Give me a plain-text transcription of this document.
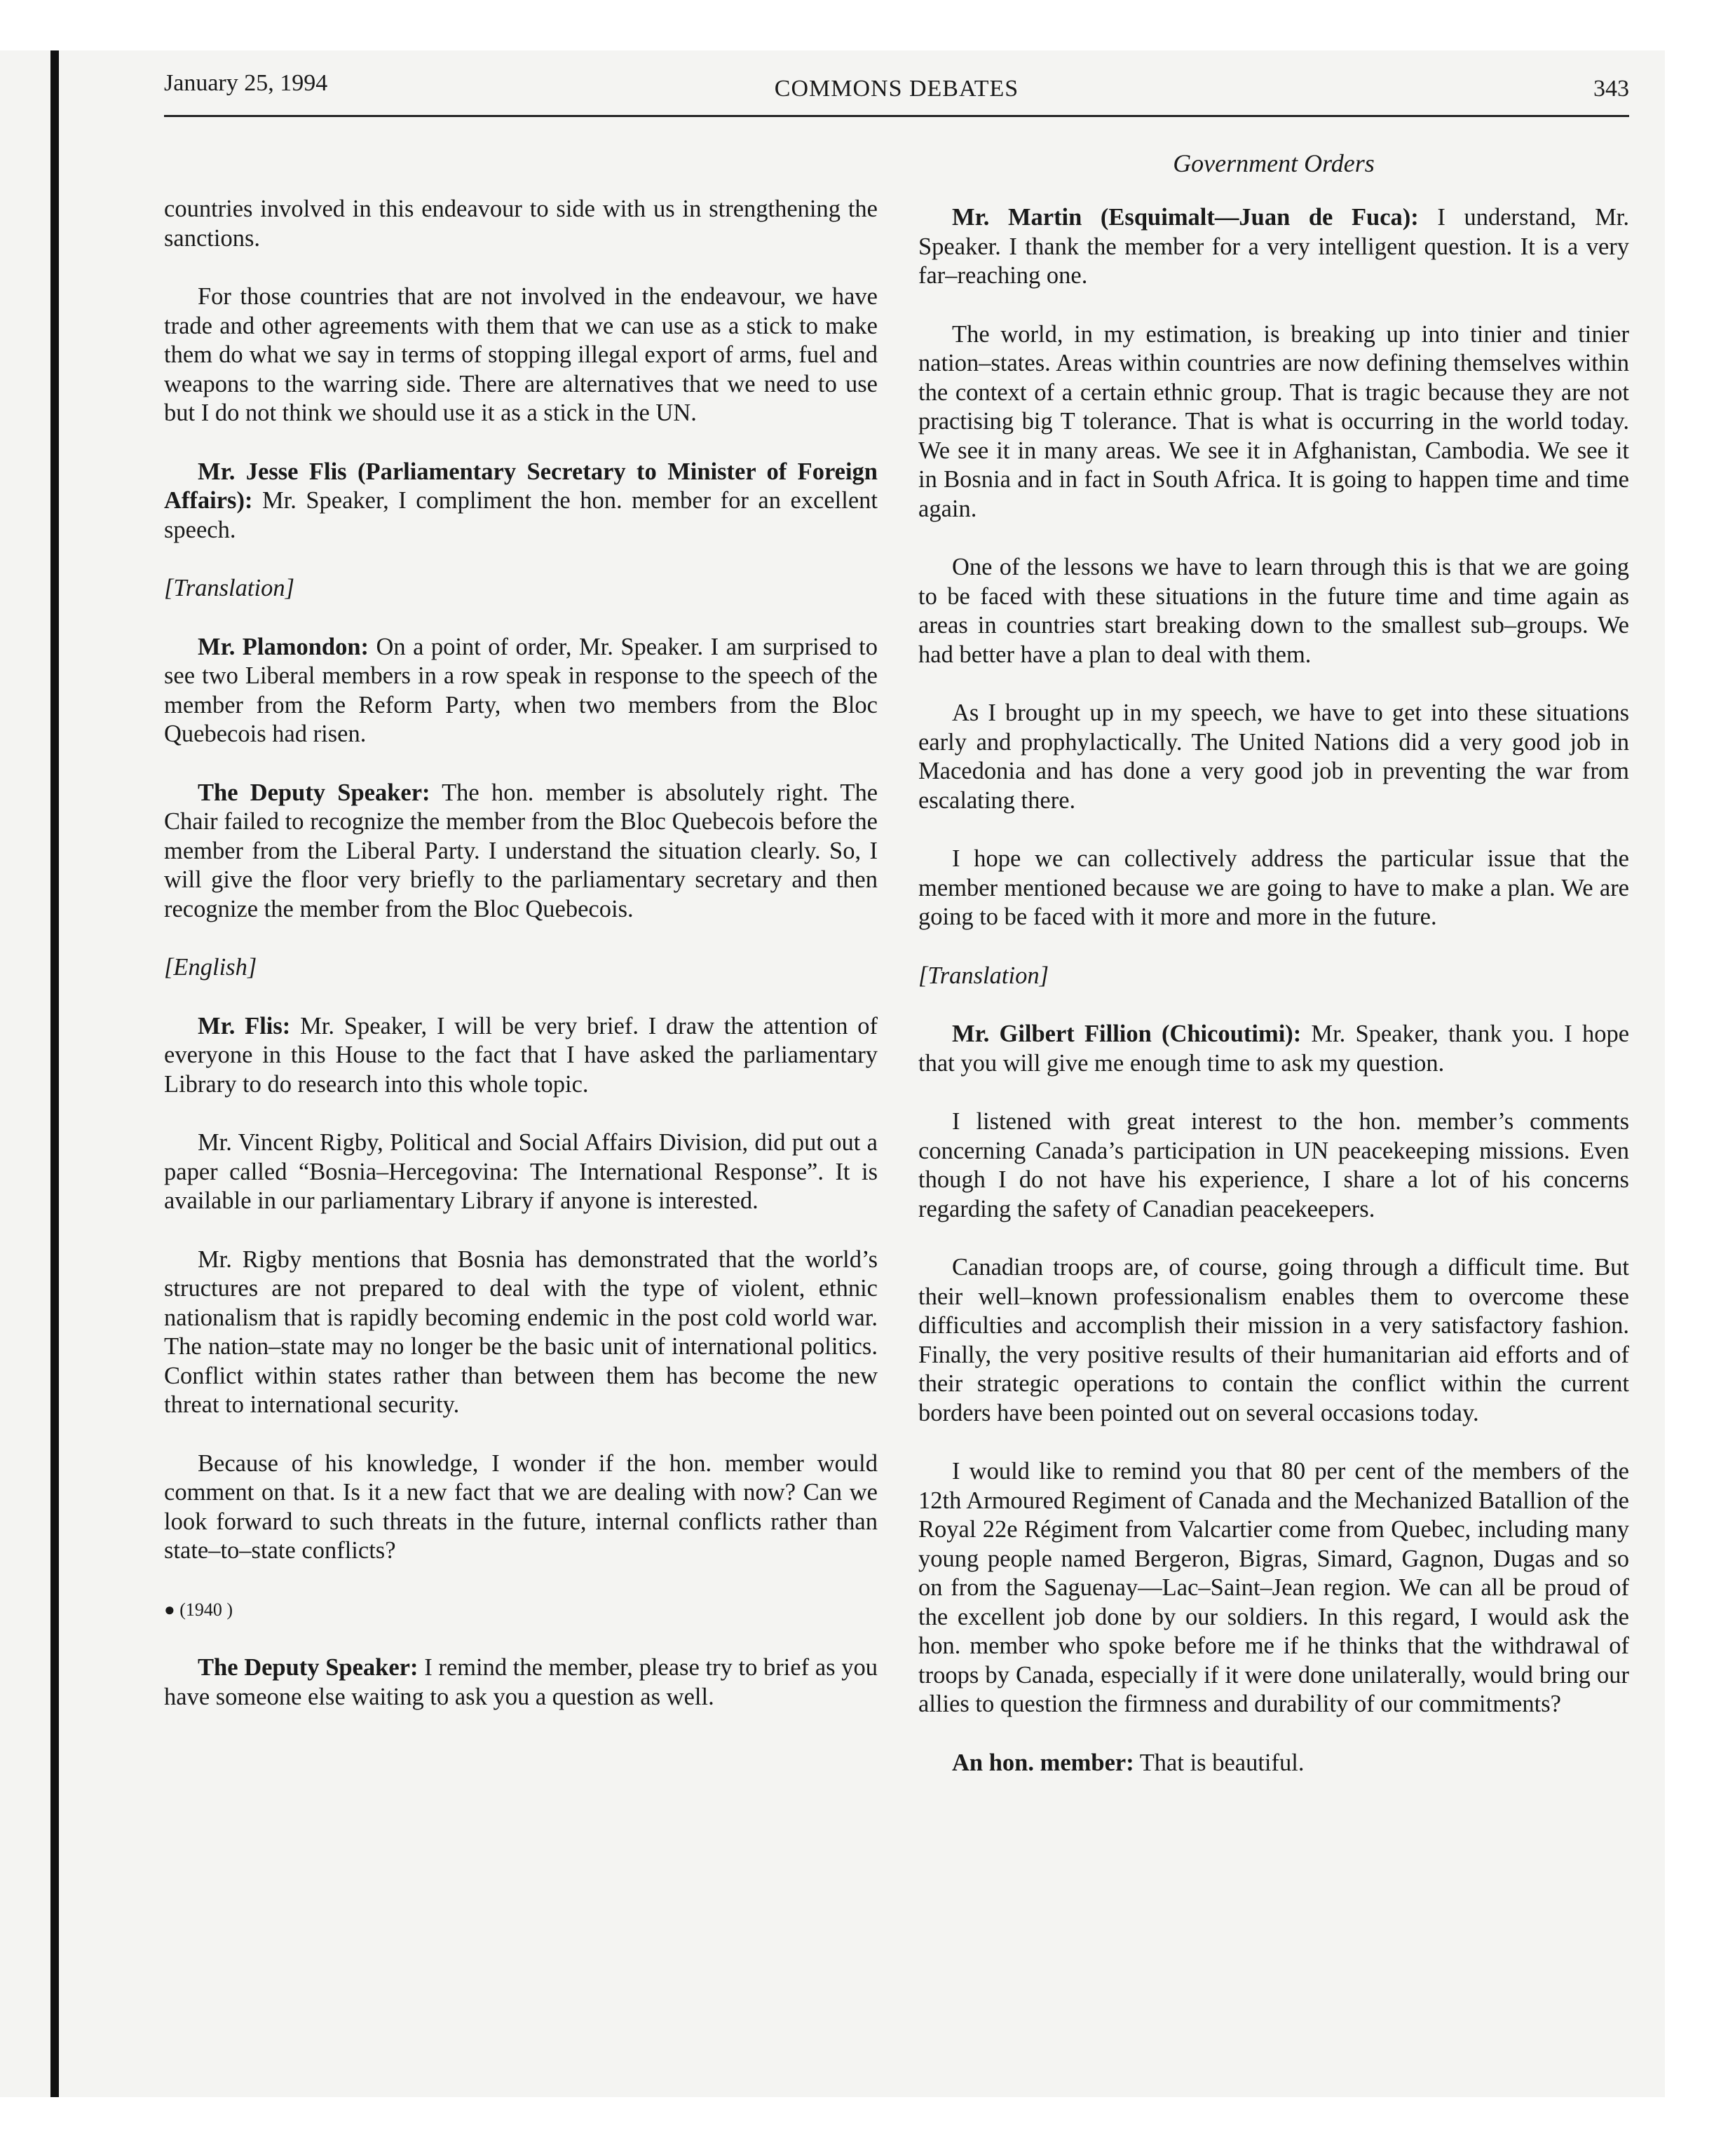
January 25, 1994	COMMONS DEBATES	343
Government Orders

countries involved in this endeavour to side with us in strengthening the sanctions.

For those countries that are not involved in the endeavour, we have trade and other agreements with them that we can use as a stick to make them do what we say in terms of stopping illegal export of arms, fuel and weapons to the warring side. There are alternatives that we need to use but I do not think we should use it as a stick in the UN.

Mr. Jesse Flis (Parliamentary Secretary to Minister of Foreign Affairs): Mr. Speaker, I compliment the hon. member for an excellent speech.

[Translation]

Mr. Plamondon: On a point of order, Mr. Speaker. I am surprised to see two Liberal members in a row speak in response to the speech of the member from the Reform Party, when two members from the Bloc Quebecois had risen.

The Deputy Speaker: The hon. member is absolutely right. The Chair failed to recognize the member from the Bloc Quebecois before the member from the Liberal Party. I understand the situation clearly. So, I will give the floor very briefly to the parliamentary secretary and then recognize the member from the Bloc Quebecois.

[English]

Mr. Flis: Mr. Speaker, I will be very brief. I draw the attention of everyone in this House to the fact that I have asked the parliamentary Library to do research into this whole topic.

Mr. Vincent Rigby, Political and Social Affairs Division, did put out a paper called “Bosnia–Hercegovina: The International Response”. It is available in our parliamentary Library if anyone is interested.

Mr. Rigby mentions that Bosnia has demonstrated that the world’s structures are not prepared to deal with the type of violent, ethnic nationalism that is rapidly becoming endemic in the post cold world war. The nation–state may no longer be the basic unit of international politics. Conflict within states rather than between them has become the new threat to international security.

Because of his knowledge, I wonder if the hon. member would comment on that. Is it a new fact that we are dealing with now? Can we look forward to such threats in the future, internal conflicts rather than state–to–state conflicts?

● (1940 )

The Deputy Speaker: I remind the member, please try to brief as you have someone else waiting to ask you a question as well.

Mr. Martin (Esquimalt—Juan de Fuca): I understand, Mr. Speaker. I thank the member for a very intelligent question. It is a very far–reaching one.

The world, in my estimation, is breaking up into tinier and tinier nation–states. Areas within countries are now defining themselves within the context of a certain ethnic group. That is tragic because they are not practising big T tolerance. That is what is occurring in the world today. We see it in many areas. We see it in Afghanistan, Cambodia. We see it in Bosnia and in fact in South Africa. It is going to happen time and time again.

One of the lessons we have to learn through this is that we are going to be faced with these situations in the future time and time again as areas in countries start breaking down to the smallest sub–groups. We had better have a plan to deal with them.

As I brought up in my speech, we have to get into these situations early and prophylactically. The United Nations did a very good job in Macedonia and has done a very good job in preventing the war from escalating there.

I hope we can collectively address the particular issue that the member mentioned because we are going to have to make a plan. We are going to be faced with it more and more in the future.

[Translation]

Mr. Gilbert Fillion (Chicoutimi): Mr. Speaker, thank you. I hope that you will give me enough time to ask my question.

I listened with great interest to the hon. member’s comments concerning Canada’s participation in UN peacekeeping missions. Even though I do not have his experience, I share a lot of his concerns regarding the safety of Canadian peacekeepers.

Canadian troops are, of course, going through a difficult time. But their well–known professionalism enables them to overcome these difficulties and accomplish their mission in a very satisfactory fashion. Finally, the very positive results of their humanitarian aid efforts and of their strategic operations to contain the conflict within the current borders have been pointed out on several occasions today.

I would like to remind you that 80 per cent of the members of the 12th Armoured Regiment of Canada and the Mechanized Batallion of the Royal 22e Régiment from Valcartier come from Quebec, including many young people named Bergeron, Bigras, Simard, Gagnon, Dugas and so on from the Saguenay—Lac–Saint–Jean region. We can all be proud of the excellent job done by our soldiers. In this regard, I would ask the hon. member who spoke before me if he thinks that the withdrawal of troops by Canada, especially if it were done unilaterally, would bring our allies to question the firmness and durability of our commitments?

An hon. member: That is beautiful.
